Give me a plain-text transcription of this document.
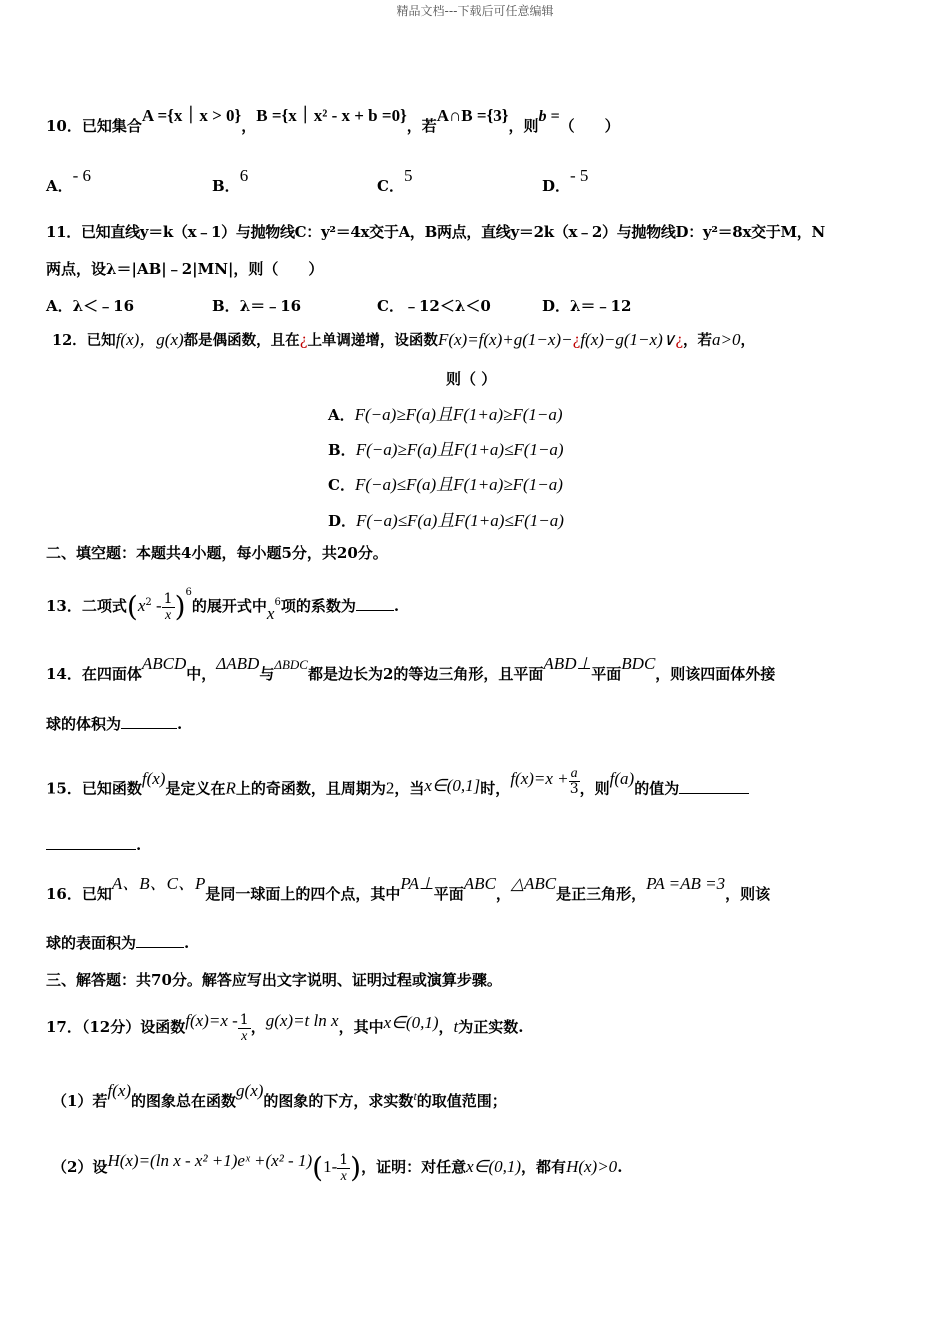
精品文档---下载后可任意编辑
10．已知集合A ={x｜x > 0}，B ={x｜x² - x + b =0}，若A∩B ={3}，则b =（　　）
A．- 6
B．6
C．5
D．- 5
11．已知直线y＝k（x﹣1）与抛物线C：y²＝4x交于A，B两点，直线y＝2k（x﹣2）与抛物线D：y²＝8x交于M，N
两点，设λ＝|AB|﹣2|MN|，则（　　）
A．λ＜﹣16	B．λ＝﹣16	C．﹣12＜λ＜0	D．λ＝﹣12
12．已知f(x)，g(x)都是偶函数，且在¿上单调递增，设函数F(x)=f(x)+g(1−x)−¿f(x)−g(1−x)∨¿，若a>0，
则（ ）
A．F(−a)≥F(a)且F(1+a)≥F(1−a)
B．F(−a)≥F(a)且F(1+a)≤F(1−a)
C．F(−a)≤F(a)且F(1+a)≥F(1−a)
D．F(−a)≤F(a)且F(1+a)≤F(1−a)
二、填空题：本题共4小题，每小题5分，共20分。
13．二项式$(x^2 - \frac{1}{x} )^6$的展开式中$x^6$项的系数为	.
14．在四面体ABCD中，ΔABD与ΔBDC都是边长为2的等边三角形，且平面ABD⊥平面BDC，则该四面体外接
球的体积为	.
15．已知函数f(x)是定义在R上的奇函数，且周期为2，当x∈(0,1]时，$f(x)=x + \frac{a}{3}$ ，则f(a)的值为
.
16．已知A、B、C、P是同一球面上的四个点，其中PA⊥平面ABC，△ABC是正三角形，PA =AB =3，则该
球的表面积为	.
三、解答题：共70分。解答应写出文字说明、证明过程或演算步骤。
17．（12分）设函数$f(x)=x - \frac{1}{x}$ ，g(x)=t ln x，其中x∈(0,1)，t为正实数.
（1）若f(x)的图象总在函数g(x)的图象的下方，求实数$^t$的取值范围；
（2）设H(x)=(ln x - x² +1)eˣ $+(x^2 - 1)(1- \frac{1}{x}$ )，证明：对任意x∈(0,1)，都有H(x)>0.
